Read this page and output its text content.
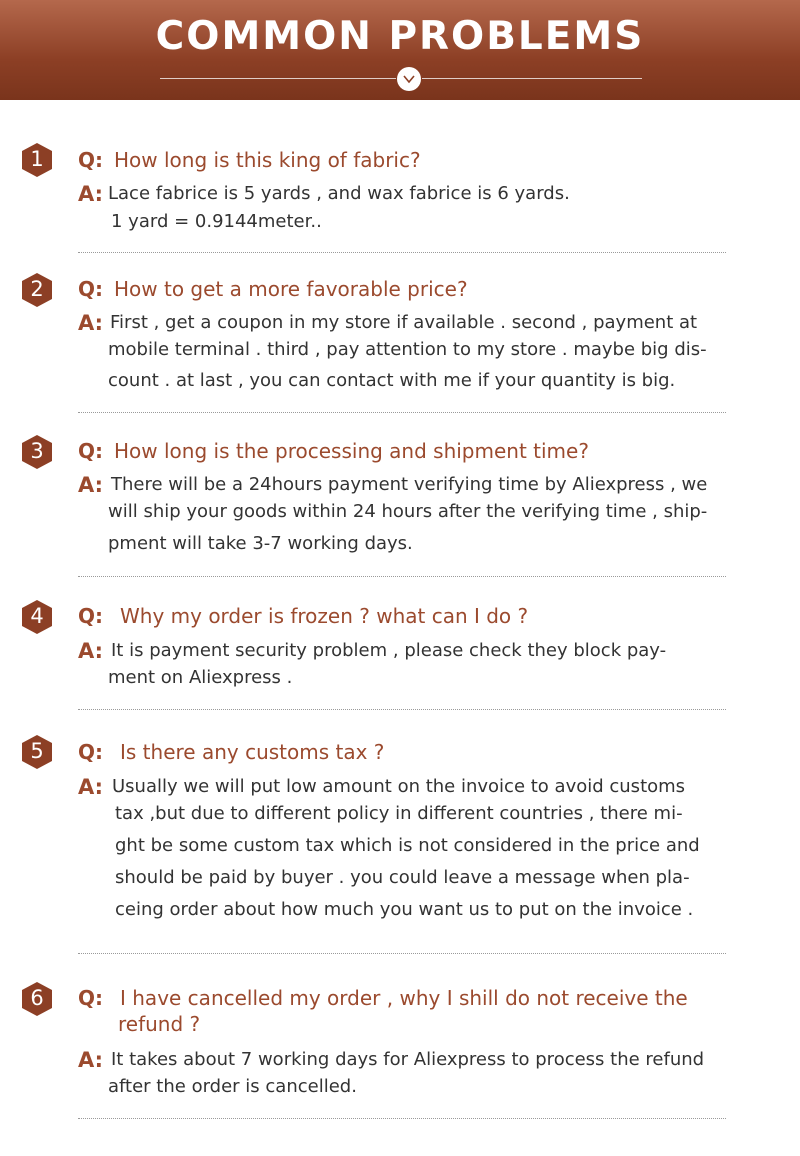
COMMON PROBLEMS
1	Q: How long is this king of fabric?
A: Lace fabrice is 5 yards , and wax fabrice is 6 yards.
1 yard = 0.9144meter..
2	Q: How to get a more favorable price?
A: First , get a coupon in my store if available . second , payment at
mobile terminal . third , pay attention to my store . maybe big dis-
count . at last , you can contact with me if your quantity is big.
3	Q: How long is the processing and shipment time?
A: There will be a 24hours payment verifying time by Aliexpress , we
will ship your goods within 24 hours after the verifying time , ship-
pment will take 3-7 working days.
4	Q: Why my order is frozen ? what can I do ?
A: It is payment security problem , please check they block pay-
ment on Aliexpress .
5	Q: Is there any customs tax ?
A: Usually we will put low amount on the invoice to avoid customs
tax ,but due to different policy in different countries , there mi-
ght be some custom tax which is not considered in the price and
should be paid by buyer . you could leave a message when pla-
ceing order about how much you want us to put on the invoice .
6	Q: I have cancelled my order , why I shill do not receive the
refund ?
A: It takes about 7 working days for Aliexpress to process the refund
after the order is cancelled.
